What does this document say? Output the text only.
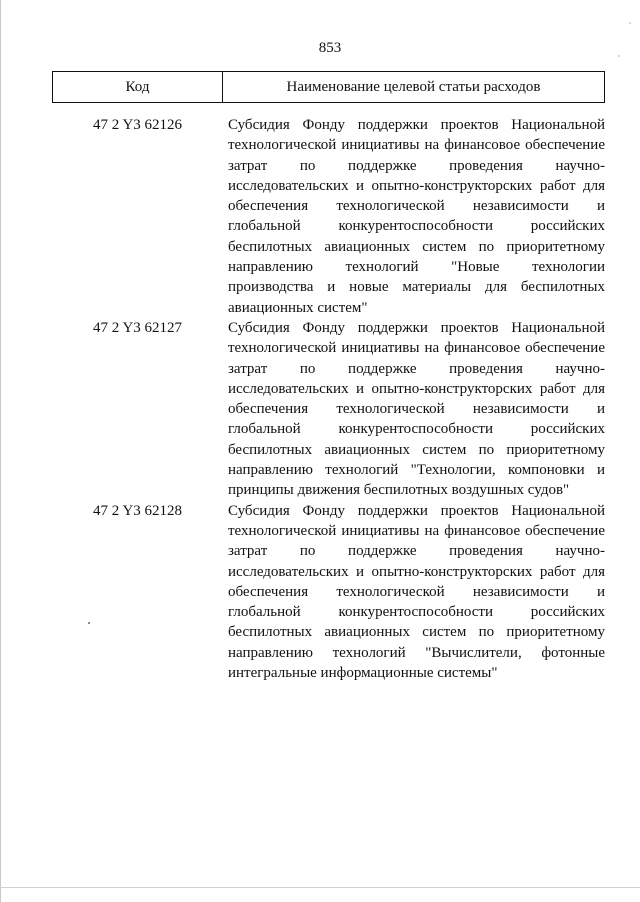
853
Код	Наименование целевой статьи расходов
47 2 Y3 62126	Субсидия Фонду поддержки проектов Национальной технологической инициативы на финансовое обеспечение затрат по поддержке проведения научно-исследовательских и опытно-конструкторских работ для обеспечения технологической независимости и глобальной конкурентоспособности российских беспилотных авиационных систем по приоритетному направлению технологий "Новые технологии производства и новые материалы для беспилотных авиационных систем"
47 2 Y3 62127	Субсидия Фонду поддержки проектов Национальной технологической инициативы на финансовое обеспечение затрат по поддержке проведения научно-исследовательских и опытно-конструкторских работ для обеспечения технологической независимости и глобальной конкурентоспособности российских беспилотных авиационных систем по приоритетному направлению технологий "Технологии, компоновки и принципы движения беспилотных воздушных судов"
47 2 Y3 62128	Субсидия Фонду поддержки проектов Национальной технологической инициативы на финансовое обеспечение затрат по поддержке проведения научно-исследовательских и опытно-конструкторских работ для обеспечения технологической независимости и глобальной конкурентоспособности российских беспилотных авиационных систем по приоритетному направлению технологий "Вычислители, фотонные интегральные информационные системы"
